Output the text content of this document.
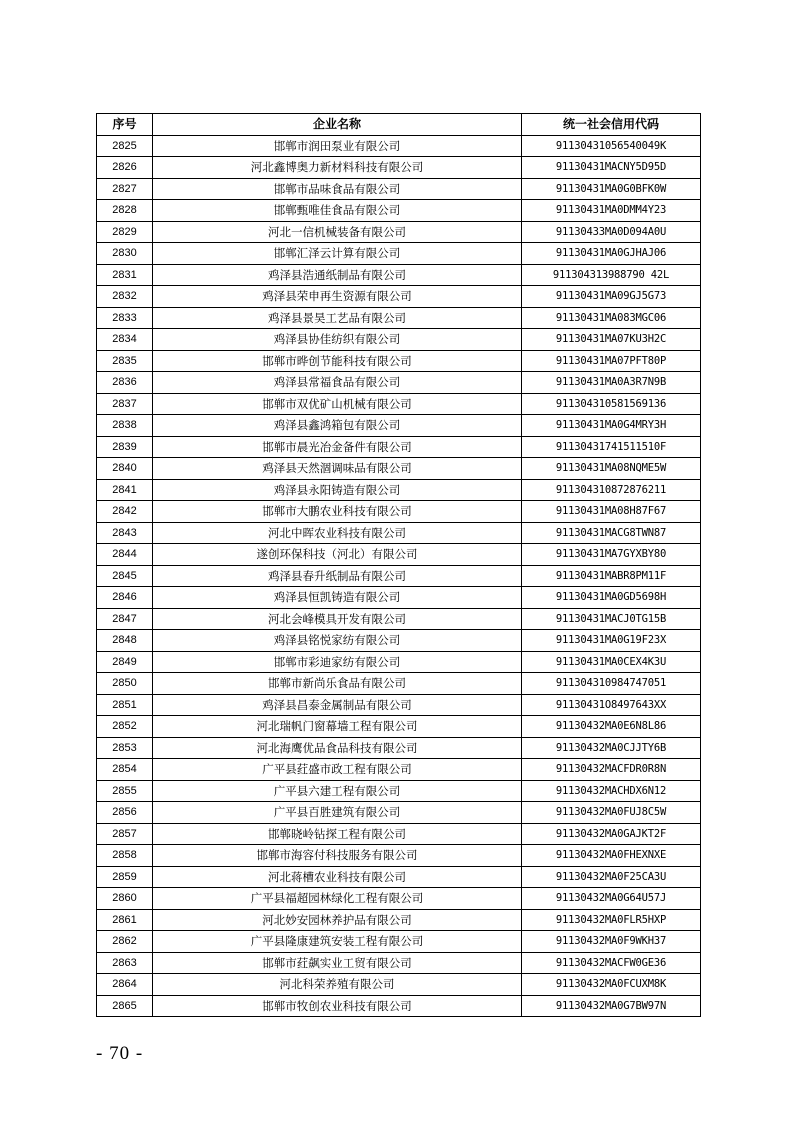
序号	企业名称	统一社会信用代码
2825	邯郸市润田泵业有限公司	91130431056540049K
2826	河北鑫博奥力新材料科技有限公司	91130431MACNY5D95D
2827	邯郸市品味食品有限公司	91130431MA0G0BFK0W
2828	邯郸甄唯佳食品有限公司	91130431MA0DMM4Y23
2829	河北一信机械装备有限公司	91130433MA0D094A0U
2830	邯郸汇泽云计算有限公司	91130431MA0GJHAJ06
2831	鸡泽县浩通纸制品有限公司	911304313988790 42L
2832	鸡泽县荣申再生资源有限公司	91130431MA09GJ5G73
2833	鸡泽县景昊工艺品有限公司	91130431MA083MGC06
2834	鸡泽县协佳纺织有限公司	91130431MA07KU3H2C
2835	邯郸市晔创节能科技有限公司	91130431MA07PFT80P
2836	鸡泽县常福食品有限公司	91130431MA0A3R7N9B
2837	邯郸市双优矿山机械有限公司	911304310581569136
2838	鸡泽县鑫鸿箱包有限公司	91130431MA0G4MRY3H
2839	邯郸市晨光冶金备件有限公司	91130431741511510F
2840	鸡泽县天然涸调味品有限公司	91130431MA08NQME5W
2841	鸡泽县永阳铸造有限公司	911304310872876211
2842	邯郸市大鹏农业科技有限公司	91130431MA08H87F67
2843	河北中晖农业科技有限公司	91130431MACG8TWN87
2844	遂创环保科技（河北）有限公司	91130431MA7GYXBY80
2845	鸡泽县春升纸制品有限公司	91130431MABR8PM11F
2846	鸡泽县恒凯铸造有限公司	91130431MA0GD5698H
2847	河北会峰模具开发有限公司	91130431MACJ0TG15B
2848	鸡泽县铭悦家纺有限公司	91130431MA0G19F23X
2849	邯郸市彩迪家纺有限公司	91130431MA0CEX4K3U
2850	邯郸市新尚乐食品有限公司	911304310984747051
2851	鸡泽县昌泰金属制品有限公司	91130431O8497643XX
2852	河北瑞帆门窗幕墙工程有限公司	91130432MA0E6N8L86
2853	河北海鹰优品食品科技有限公司	91130432MA0CJJTY6B
2854	广平县荭盛市政工程有限公司	91130432MACFDR0R8N
2855	广平县六建工程有限公司	91130432MACHDX6N12
2856	广平县百胜建筑有限公司	91130432MA0FUJ8C5W
2857	邯郸晓岭钻探工程有限公司	91130432MA0GAJKT2F
2858	邯郸市海容付科技服务有限公司	91130432MA0FHEXNXE
2859	河北蒋槽农业科技有限公司	91130432MA0F25CA3U
2860	广平县福超园林绿化工程有限公司	91130432MA0G64U57J
2861	河北妙安园林养护品有限公司	91130432MA0FLR5HXP
2862	广平县隆康建筑安装工程有限公司	91130432MA0F9WKH37
2863	邯郸市荭飙实业工贸有限公司	91130432MACFW0GE36
2864	河北科荣养殖有限公司	91130432MA0FCUXM8K
2865	邯郸市牧创农业科技有限公司	91130432MA0G7BW97N
- 70 -
